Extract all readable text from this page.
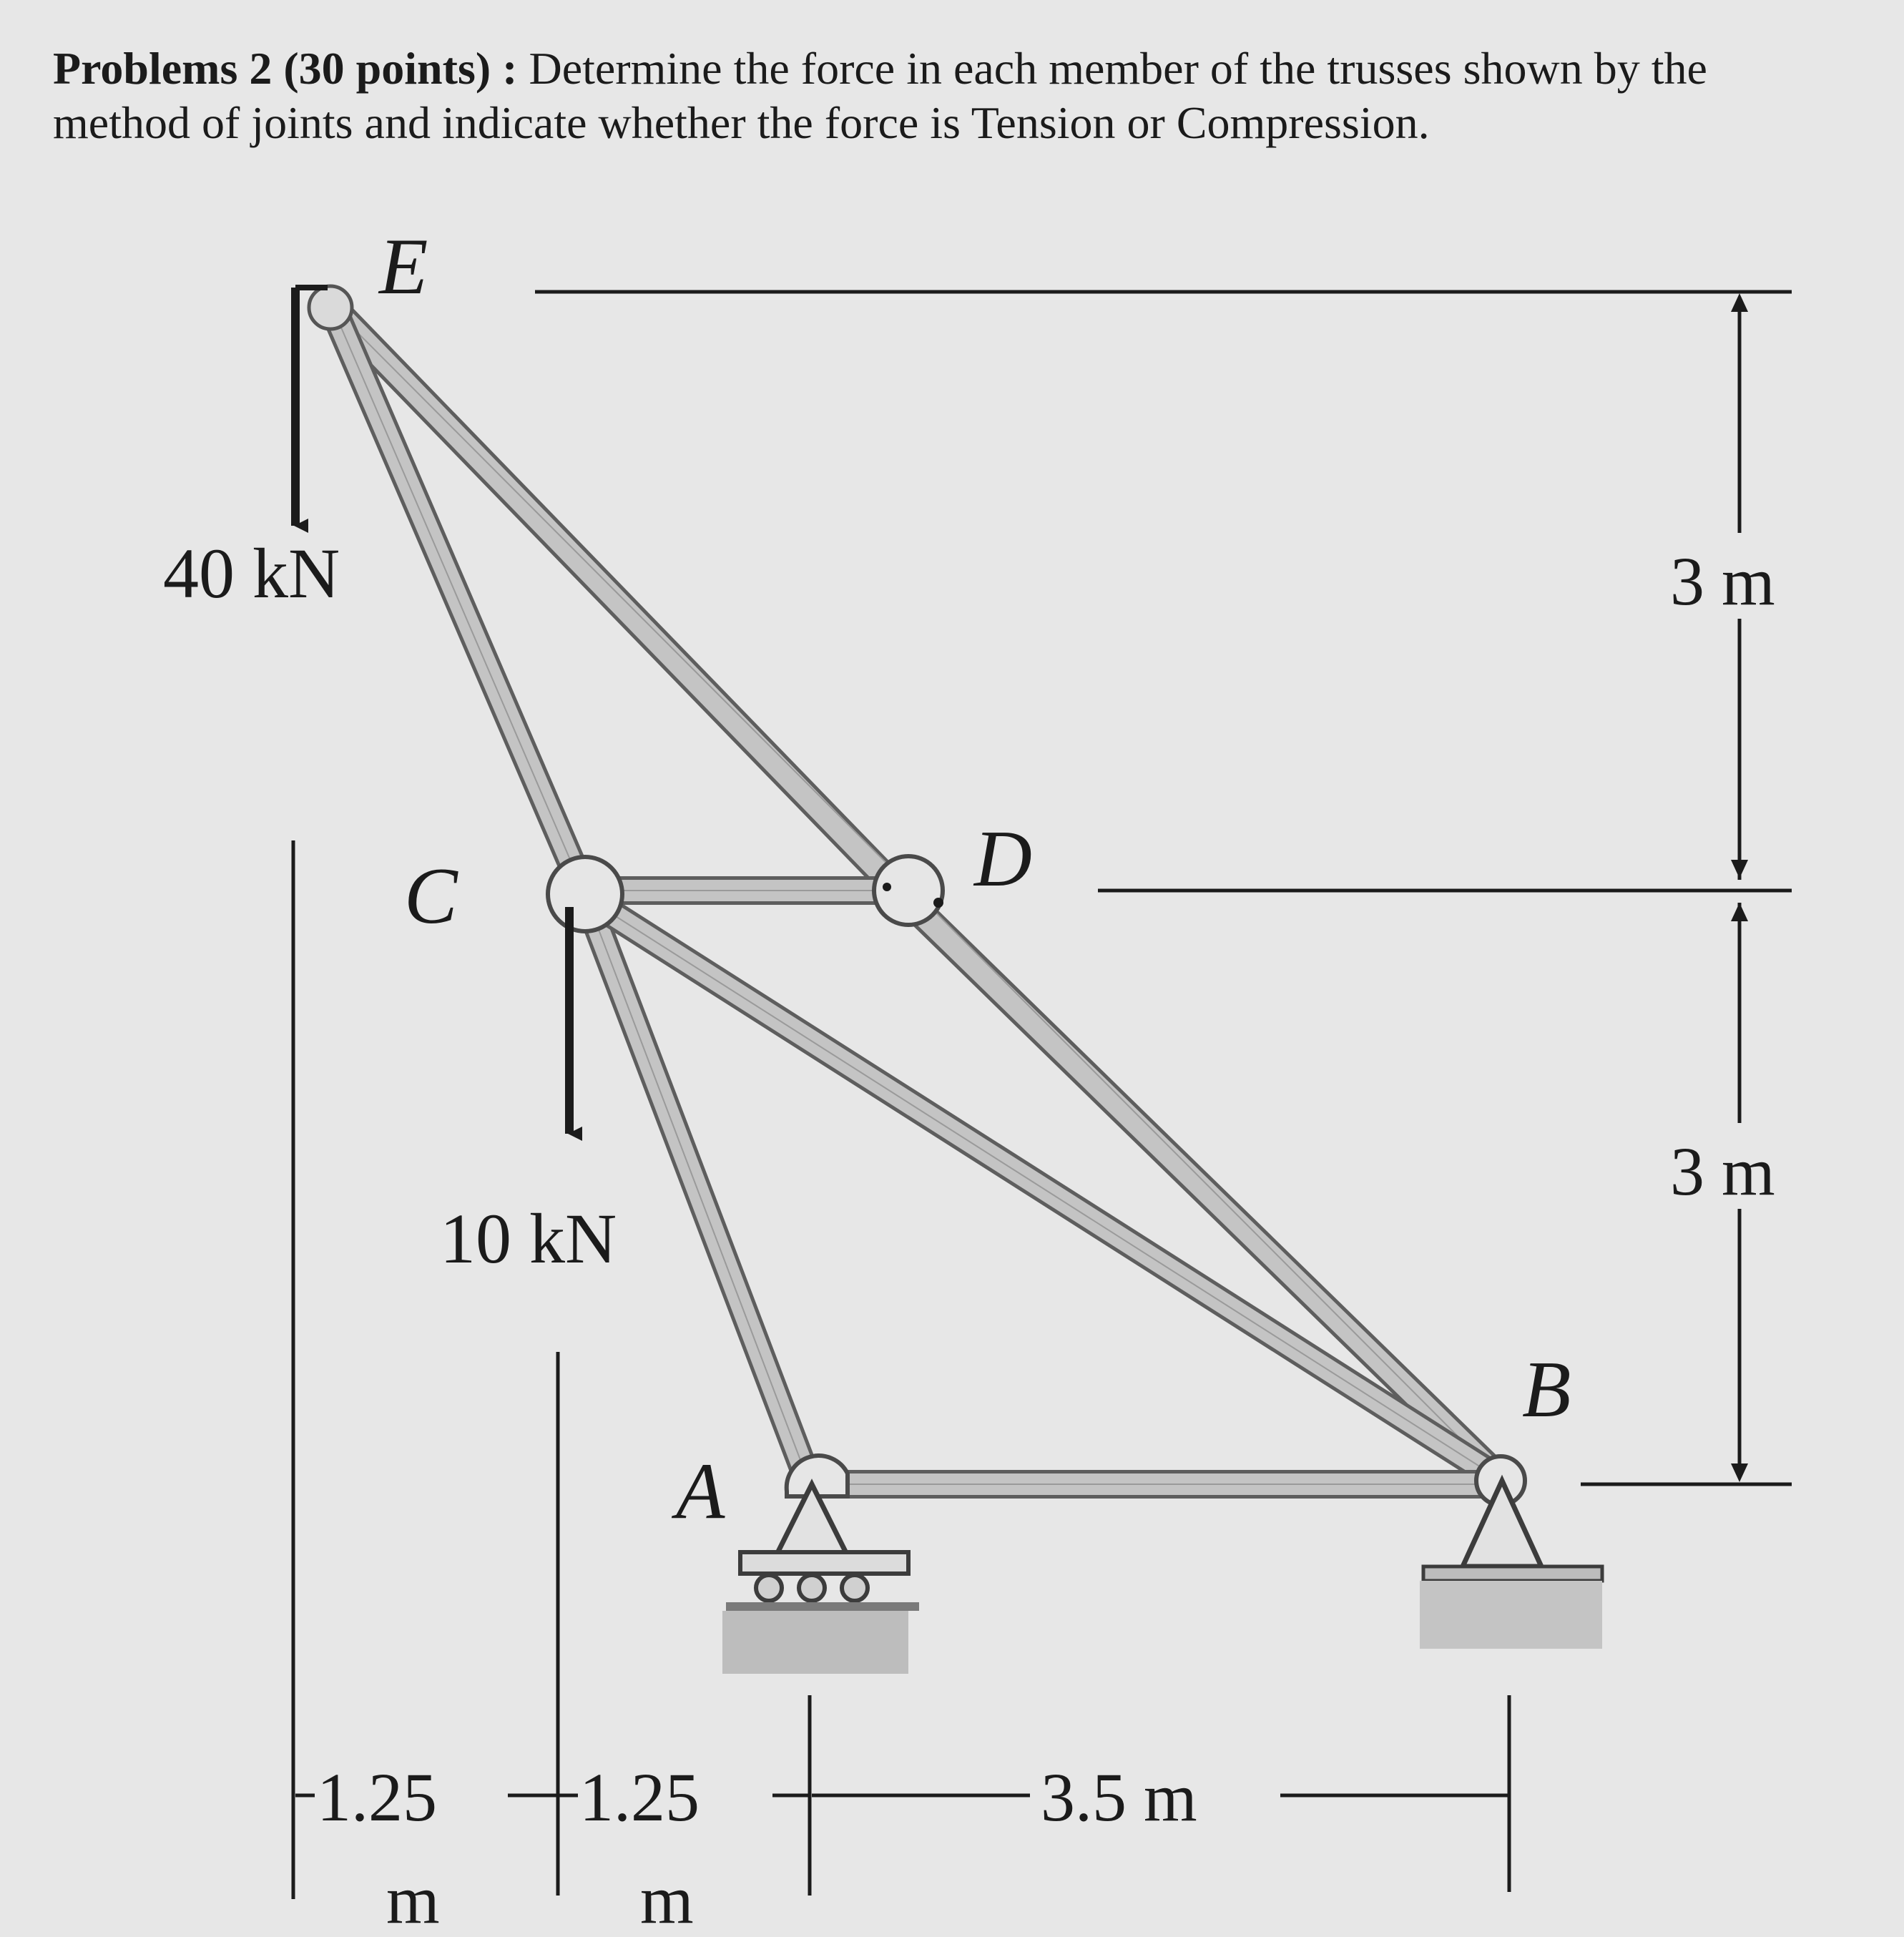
Problems 2 (30 points) : Determine the force in each member of the trusses shown by the method of joints and indicate whether the force is Tension or Compression.
E
C	D
A
B
40 kN
10 kN
3 m
3 m
1.25
m
1.25
m
3.5 m
